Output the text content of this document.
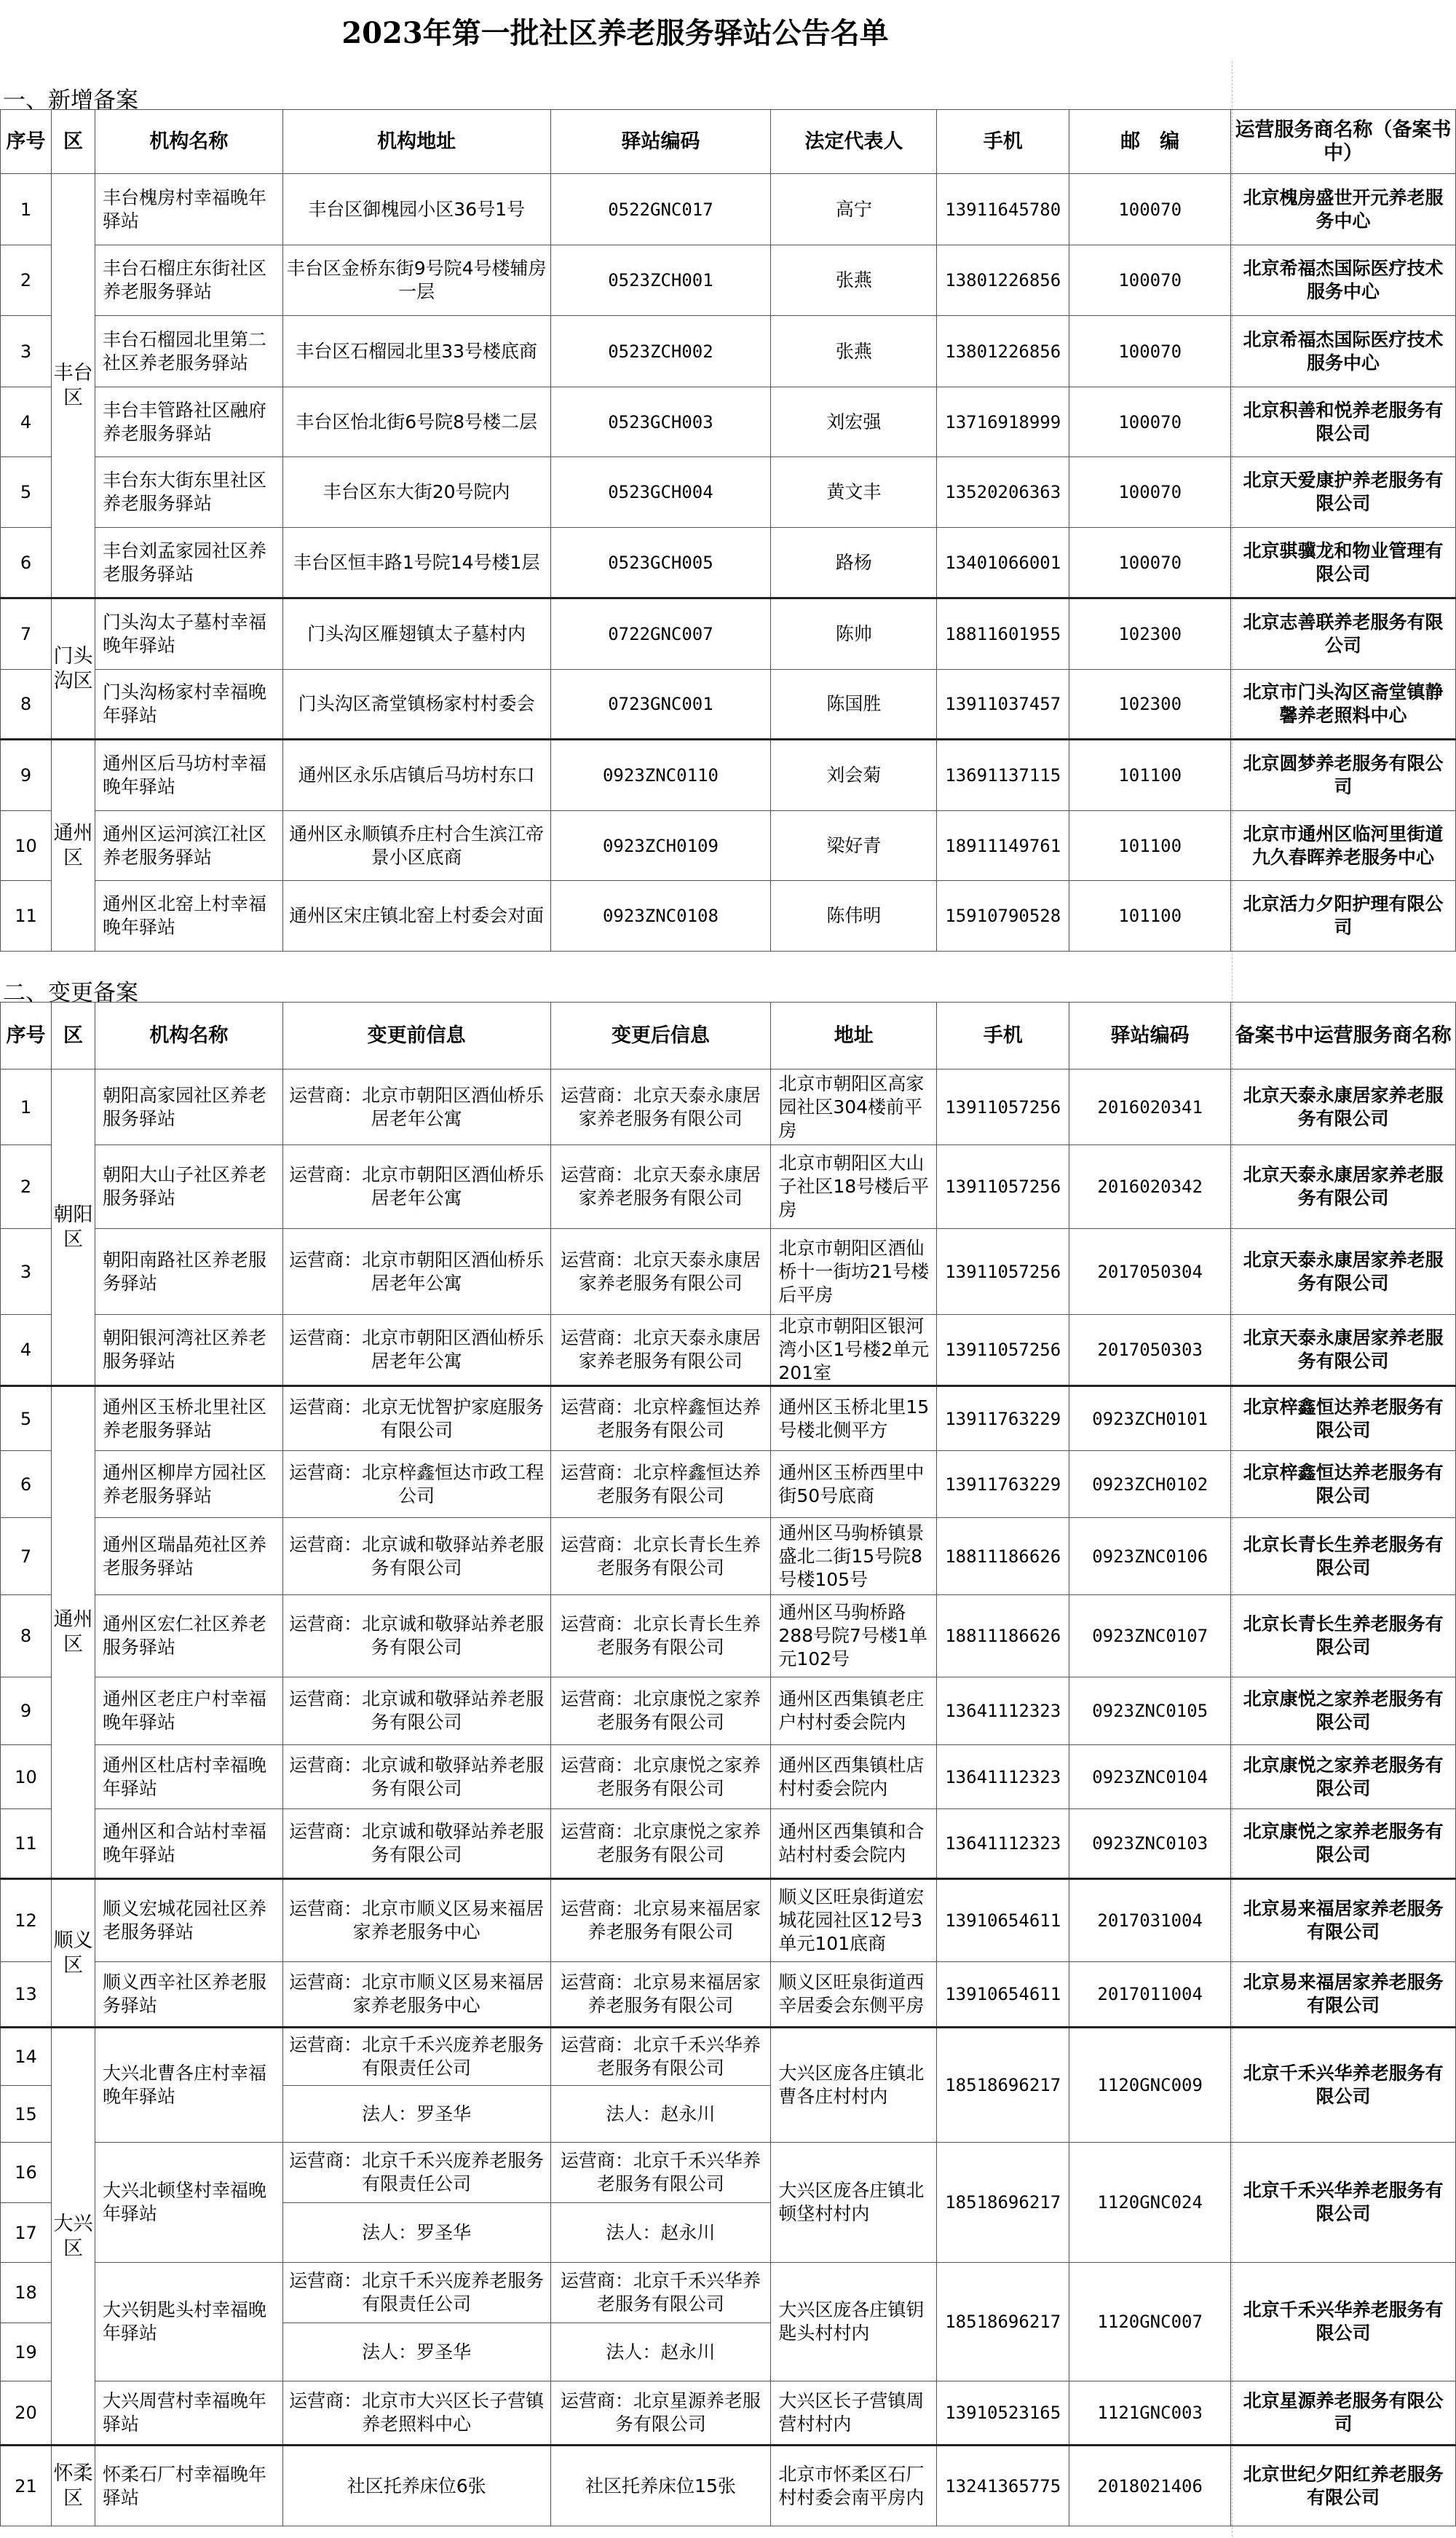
2023年第一批社区养老服务驿站公告名单
一、新增备案
序号	区	机构名称	机构地址	驿站编码	法定代表人	手机	邮　编	运营服务商名称（备案书中）
1	丰台区	丰台槐房村幸福晚年驿站	丰台区御槐园小区36号1号	0522GNC017	高宁	13911645780	100070	北京槐房盛世开元养老服务中心
2		丰台石榴庄东街社区养老服务驿站	丰台区金桥东街9号院4号楼辅房一层	0523ZCH001	张燕	13801226856	100070	北京希福杰国际医疗技术服务中心
3		丰台石榴园北里第二社区养老服务驿站	丰台区石榴园北里33号楼底商	0523ZCH002	张燕	13801226856	100070	北京希福杰国际医疗技术服务中心
4		丰台丰管路社区融府养老服务驿站	丰台区怡北街6号院8号楼二层	0523GCH003	刘宏强	13716918999	100070	北京积善和悦养老服务有限公司
5		丰台东大街东里社区养老服务驿站	丰台区东大街20号院内	0523GCH004	黄文丰	13520206363	100070	北京天爱康护养老服务有限公司
6		丰台刘孟家园社区养老服务驿站	丰台区恒丰路1号院14号楼1层	0523GCH005	路杨	13401066001	100070	北京骐骥龙和物业管理有限公司
7	门头沟区	门头沟太子墓村幸福晚年驿站	门头沟区雁翅镇太子墓村内	0722GNC007	陈帅	18811601955	102300	北京志善联养老服务有限公司
8		门头沟杨家村幸福晚年驿站	门头沟区斋堂镇杨家村村委会	0723GNC001	陈国胜	13911037457	102300	北京市门头沟区斋堂镇静馨养老照料中心
9	通州区	通州区后马坊村幸福晚年驿站	通州区永乐店镇后马坊村东口	0923ZNC0110	刘会菊	13691137115	101100	北京圆梦养老服务有限公司
10		通州区运河滨江社区养老服务驿站	通州区永顺镇乔庄村合生滨江帝景小区底商	0923ZCH0109	梁好青	18911149761	101100	北京市通州区临河里街道九久春晖养老服务中心
11		通州区北窑上村幸福晚年驿站	通州区宋庄镇北窑上村委会对面	0923ZNC0108	陈伟明	15910790528	101100	北京活力夕阳护理有限公司
二、变更备案
序号	区	机构名称	变更前信息	变更后信息	地址	手机	驿站编码	备案书中运营服务商名称
1	朝阳区	朝阳高家园社区养老服务驿站	运营商：北京市朝阳区酒仙桥乐居老年公寓	运营商：北京天泰永康居家养老服务有限公司	北京市朝阳区高家园社区304楼前平房	13911057256	2016020341	北京天泰永康居家养老服务有限公司
2		朝阳大山子社区养老服务驿站	运营商：北京市朝阳区酒仙桥乐居老年公寓	运营商：北京天泰永康居家养老服务有限公司	北京市朝阳区大山子社区18号楼后平房	13911057256	2016020342	北京天泰永康居家养老服务有限公司
3		朝阳南路社区养老服务驿站	运营商：北京市朝阳区酒仙桥乐居老年公寓	运营商：北京天泰永康居家养老服务有限公司	北京市朝阳区酒仙桥十一街坊21号楼后平房	13911057256	2017050304	北京天泰永康居家养老服务有限公司
4		朝阳银河湾社区养老服务驿站	运营商：北京市朝阳区酒仙桥乐居老年公寓	运营商：北京天泰永康居家养老服务有限公司	北京市朝阳区银河湾小区1号楼2单元201室	13911057256	2017050303	北京天泰永康居家养老服务有限公司
5	通州区	通州区玉桥北里社区养老服务驿站	运营商：北京无忧智护家庭服务有限公司	运营商：北京梓鑫恒达养老服务有限公司	通州区玉桥北里15号楼北侧平方	13911763229	0923ZCH0101	北京梓鑫恒达养老服务有限公司
6		通州区柳岸方园社区养老服务驿站	运营商：北京梓鑫恒达市政工程公司	运营商：北京梓鑫恒达养老服务有限公司	通州区玉桥西里中街50号底商	13911763229	0923ZCH0102	北京梓鑫恒达养老服务有限公司
7		通州区瑞晶苑社区养老服务驿站	运营商：北京诚和敬驿站养老服务有限公司	运营商：北京长青长生养老服务有限公司	通州区马驹桥镇景盛北二街15号院8号楼105号	18811186626	0923ZNC0106	北京长青长生养老服务有限公司
8		通州区宏仁社区养老服务驿站	运营商：北京诚和敬驿站养老服务有限公司	运营商：北京长青长生养老服务有限公司	通州区马驹桥路288号院7号楼1单元102号	18811186626	0923ZNC0107	北京长青长生养老服务有限公司
9		通州区老庄户村幸福晚年驿站	运营商：北京诚和敬驿站养老服务有限公司	运营商：北京康悦之家养老服务有限公司	通州区西集镇老庄户村村委会院内	13641112323	0923ZNC0105	北京康悦之家养老服务有限公司
10		通州区杜店村幸福晚年驿站	运营商：北京诚和敬驿站养老服务有限公司	运营商：北京康悦之家养老服务有限公司	通州区西集镇杜店村村委会院内	13641112323	0923ZNC0104	北京康悦之家养老服务有限公司
11		通州区和合站村幸福晚年驿站	运营商：北京诚和敬驿站养老服务有限公司	运营商：北京康悦之家养老服务有限公司	通州区西集镇和合站村村委会院内	13641112323	0923ZNC0103	北京康悦之家养老服务有限公司
12	顺义区	顺义宏城花园社区养老服务驿站	运营商：北京市顺义区易来福居家养老服务中心	运营商：北京易来福居家养老服务有限公司	顺义区旺泉街道宏城花园社区12号3单元101底商	13910654611	2017031004	北京易来福居家养老服务有限公司
13		顺义西辛社区养老服务驿站	运营商：北京市顺义区易来福居家养老服务中心	运营商：北京易来福居家养老服务有限公司	顺义区旺泉街道西辛居委会东侧平房	13910654611	2017011004	北京易来福居家养老服务有限公司
14	大兴区	大兴北曹各庄村幸福晚年驿站	运营商：北京千禾兴庞养老服务有限责任公司	运营商：北京千禾兴华养老服务有限公司	大兴区庞各庄镇北曹各庄村村内	18518696217	1120GNC009	北京千禾兴华养老服务有限公司
15			法人：罗圣华	法人：赵永川				
16		大兴北顿垡村幸福晚年驿站	运营商：北京千禾兴庞养老服务有限责任公司	运营商：北京千禾兴华养老服务有限公司	大兴区庞各庄镇北顿垡村村内	18518696217	1120GNC024	北京千禾兴华养老服务有限公司
17			法人：罗圣华	法人：赵永川				
18		大兴钥匙头村幸福晚年驿站	运营商：北京千禾兴庞养老服务有限责任公司	运营商：北京千禾兴华养老服务有限公司	大兴区庞各庄镇钥匙头村村内	18518696217	1120GNC007	北京千禾兴华养老服务有限公司
19			法人：罗圣华	法人：赵永川				
20		大兴周营村幸福晚年驿站	运营商：北京市大兴区长子营镇养老照料中心	运营商：北京星源养老服务有限公司	大兴区长子营镇周营村村内	13910523165	1121GNC003	北京星源养老服务有限公司
21	怀柔区	怀柔石厂村幸福晚年驿站	社区托养床位6张	社区托养床位15张	北京市怀柔区石厂村村委会南平房内	13241365775	2018021406	北京世纪夕阳红养老服务有限公司
